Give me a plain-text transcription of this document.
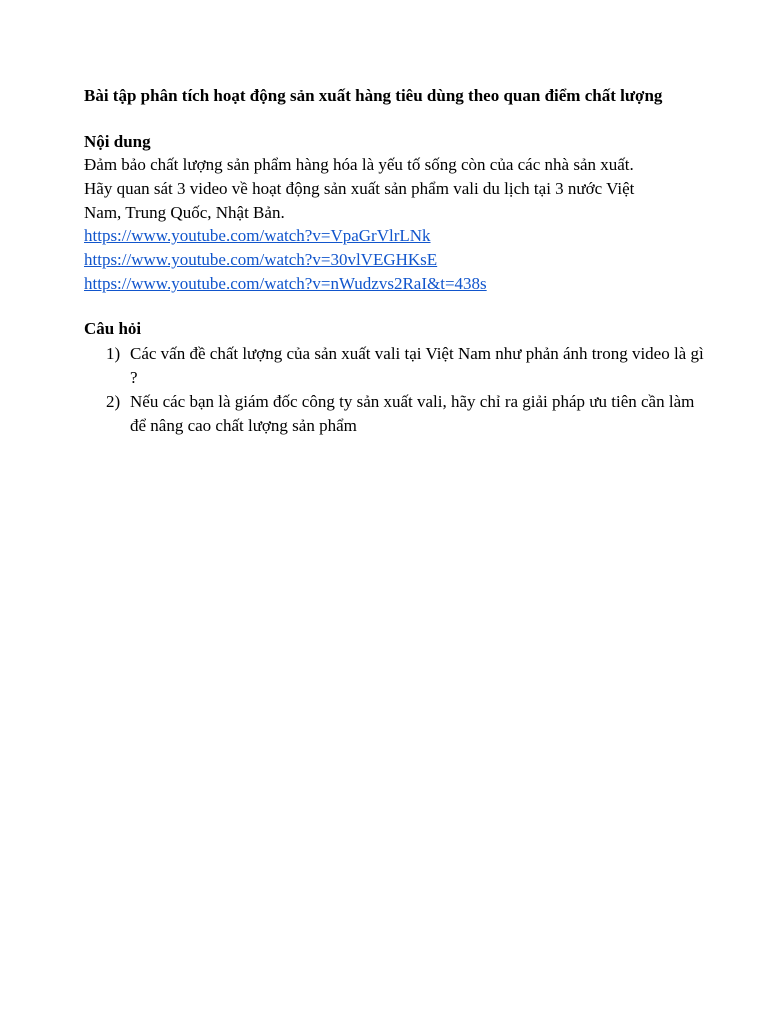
Bài tập phân tích hoạt động sản xuất hàng tiêu dùng theo quan điểm chất lượng
Nội dung
Đảm bảo chất lượng sản phẩm hàng hóa là yếu tố sống còn của các nhà sản xuất.
Hãy quan sát 3 video về hoạt động sản xuất sản phẩm vali du lịch tại 3 nước Việt
Nam, Trung Quốc, Nhật Bản.
https://www.youtube.com/watch?v=VpaGrVlrLNk
https://www.youtube.com/watch?v=30vlVEGHKsE
https://www.youtube.com/watch?v=nWudzvs2RaI&t=438s
Câu hỏi
1) Các vấn đề chất lượng của sản xuất vali tại Việt Nam như phản ánh trong video là gì ?
2) Nếu các bạn là giám đốc công ty sản xuất vali, hãy chỉ ra giải pháp ưu tiên cần làm để nâng cao chất lượng sản phẩm
